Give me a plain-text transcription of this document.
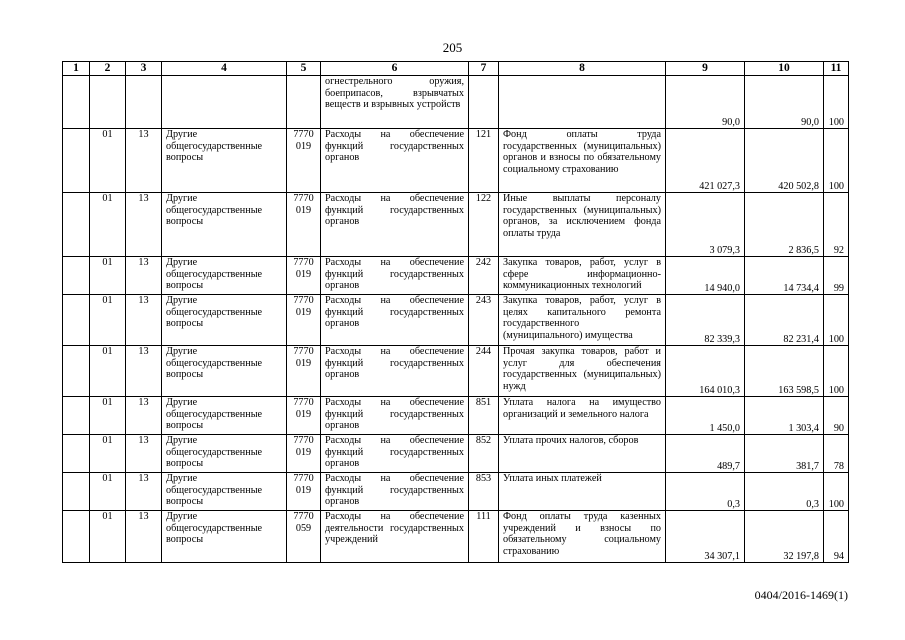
205
1	2	3	4	5	6	7	8	9	10	11
					огнестрельного оружия, боеприпасов, взрывчатых веществ и взрывных устройств			90,0	90,0	100
	01	13	Другие общегосударственные вопросы	7770 019	Расходы на обеспечение функций государственных органов	121	Фонд оплаты труда государственных (муниципальных) органов и взносы по обязательному социальному страхованию	421 027,3	420 502,8	100
	01	13	Другие общегосударственные вопросы	7770 019	Расходы на обеспечение функций государственных органов	122	Иные выплаты персоналу государственных (муниципальных) органов, за исключением фонда оплаты труда	3 079,3	2 836,5	92
	01	13	Другие общегосударственные вопросы	7770 019	Расходы на обеспечение функций государственных органов	242	Закупка товаров, работ, услуг в сфере информационно-коммуникационных технологий	14 940,0	14 734,4	99
	01	13	Другие общегосударственные вопросы	7770 019	Расходы на обеспечение функций государственных органов	243	Закупка товаров, работ, услуг в целях капитального ремонта государственного (муниципального) имущества	82 339,3	82 231,4	100
	01	13	Другие общегосударственные вопросы	7770 019	Расходы на обеспечение функций государственных органов	244	Прочая закупка товаров, работ и услуг для обеспечения государственных (муниципальных) нужд	164 010,3	163 598,5	100
	01	13	Другие общегосударственные вопросы	7770 019	Расходы на обеспечение функций государственных органов	851	Уплата налога на имущество организаций и земельного налога	1 450,0	1 303,4	90
	01	13	Другие общегосударственные вопросы	7770 019	Расходы на обеспечение функций государственных органов	852	Уплата прочих налогов, сборов	489,7	381,7	78
	01	13	Другие общегосударственные вопросы	7770 019	Расходы на обеспечение функций государственных органов	853	Уплата иных платежей	0,3	0,3	100
	01	13	Другие общегосударственные вопросы	7770 059	Расходы на обеспечение деятельности государственных учреждений	111	Фонд оплаты труда казенных учреждений и взносы по обязательному социальному страхованию	34 307,1	32 197,8	94
0404/2016-1469(1)
